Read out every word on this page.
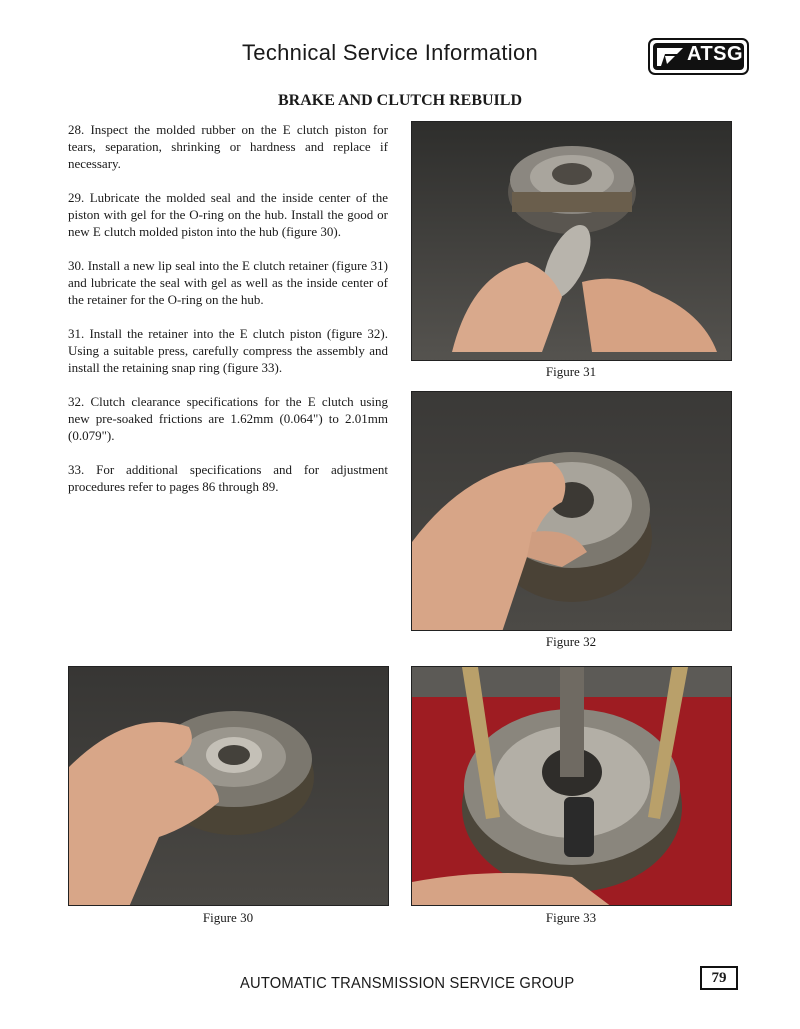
Technical Service Information	ATSG
BRAKE AND CLUTCH REBUILD

28. Inspect the molded rubber on the E clutch piston for tears, separation, shrinking or hardness and replace if necessary.

29. Lubricate the molded seal and the inside center of the piston with gel for the O-ring on the hub. Install the good or new E clutch molded piston into the hub (figure 30).

30. Install a new lip seal into the E clutch retainer (figure 31) and lubricate the seal with gel as well as the inside center of the retainer for the O-ring on the hub.

31. Install the retainer into the E clutch piston (figure 32). Using a suitable press, carefully compress the assembly and install the retaining snap ring (figure 33).

32. Clutch clearance specifications for the E clutch using new pre-soaked frictions are 1.62mm (0.064") to 2.01mm (0.079").

33. For additional specifications and for adjustment procedures refer to pages 86 through 89.

Figure 31
Figure 32
Figure 30	Figure 33
AUTOMATIC TRANSMISSION SERVICE GROUP	79
